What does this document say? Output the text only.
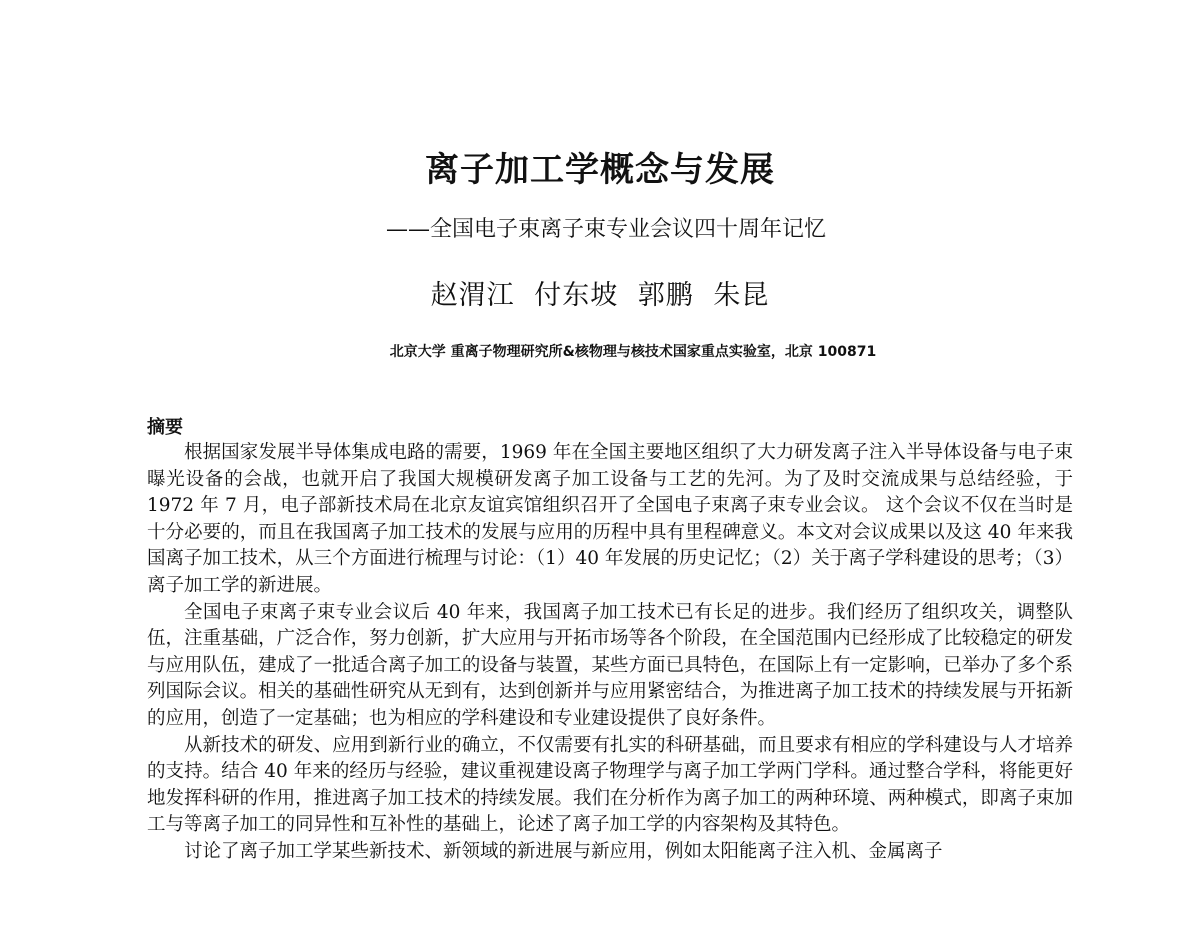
离子加工学概念与发展
——全国电子束离子束专业会议四十周年记忆
赵渭江 付东坡 郭鹏 朱昆
北京大学 重离子物理研究所&核物理与核技术国家重点实验室，北京 100871
摘要

根据国家发展半导体集成电路的需要，1969 年在全国主要地区组织了大力研发离子注入半导体设备与电子束曝光设备的会战，也就开启了我国大规模研发离子加工设备与工艺的先河。为了及时交流成果与总结经验，于 1972 年 7 月，电子部新技术局在北京友谊宾馆组织召开了全国电子束离子束专业会议。 这个会议不仅在当时是十分必要的，而且在我国离子加工技术的发展与应用的历程中具有里程碑意义。本文对会议成果以及这 40 年来我国离子加工技术，从三个方面进行梳理与讨论：（1）40 年发展的历史记忆；（2）关于离子学科建设的思考；（3）离子加工学的新进展。

全国电子束离子束专业会议后 40 年来，我国离子加工技术已有长足的进步。我们经历了组织攻关，调整队伍，注重基础，广泛合作，努力创新，扩大应用与开拓市场等各个阶段，在全国范围内已经形成了比较稳定的研发与应用队伍，建成了一批适合离子加工的设备与装置，某些方面已具特色，在国际上有一定影响，已举办了多个系列国际会议。相关的基础性研究从无到有，达到创新并与应用紧密结合，为推进离子加工技术的持续发展与开拓新的应用，创造了一定基础；也为相应的学科建设和专业建设提供了良好条件。

从新技术的研发、应用到新行业的确立，不仅需要有扎实的科研基础，而且要求有相应的学科建设与人才培养的支持。结合 40 年来的经历与经验，建议重视建设离子物理学与离子加工学两门学科。通过整合学科，将能更好地发挥科研的作用，推进离子加工技术的持续发展。我们在分析作为离子加工的两种环境、两种模式，即离子束加工与等离子加工的同异性和互补性的基础上，论述了离子加工学的内容架构及其特色。

讨论了离子加工学某些新技术、新领域的新进展与新应用，例如太阳能离子注入机、金属离子
